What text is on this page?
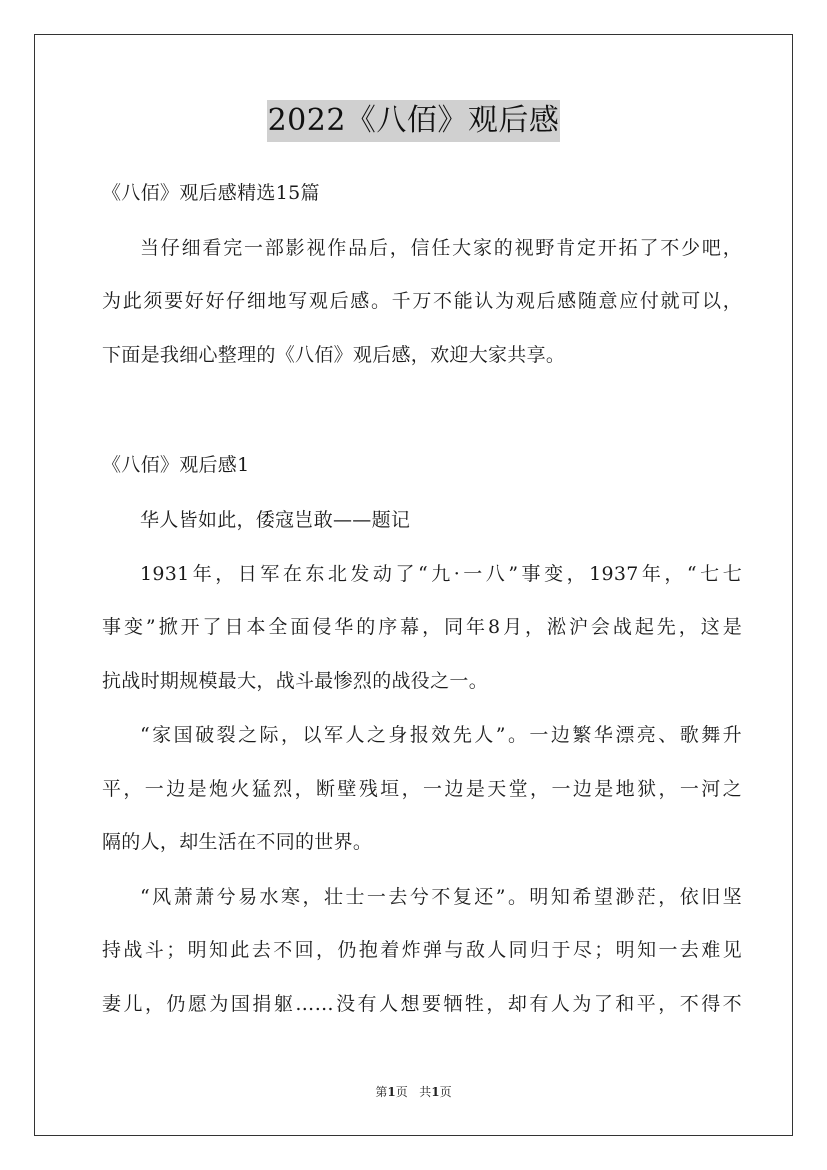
2022《八佰》观后感
《八佰》观后感精选15篇
当仔细看完一部影视作品后，信任大家的视野肯定开拓了不少吧，
为此须要好好仔细地写观后感。千万不能认为观后感随意应付就可以，
下面是我细心整理的《八佰》观后感，欢迎大家共享。
《八佰》观后感1
华人皆如此，倭寇岂敢——题记
1931年，日军在东北发动了“九·一八”事变，1937年，“七七
事变”掀开了日本全面侵华的序幕，同年8月，淞沪会战起先，这是
抗战时期规模最大，战斗最惨烈的战役之一。
“家国破裂之际，以军人之身报效先人”。一边繁华漂亮、歌舞升
平，一边是炮火猛烈，断壁残垣，一边是天堂，一边是地狱，一河之
隔的人，却生活在不同的世界。
“风萧萧兮易水寒，壮士一去兮不复还”。明知希望渺茫，依旧坚
持战斗；明知此去不回，仍抱着炸弹与敌人同归于尽；明知一去难见
妻儿，仍愿为国捐躯……没有人想要牺牲，却有人为了和平，不得不
第1页   共1页
